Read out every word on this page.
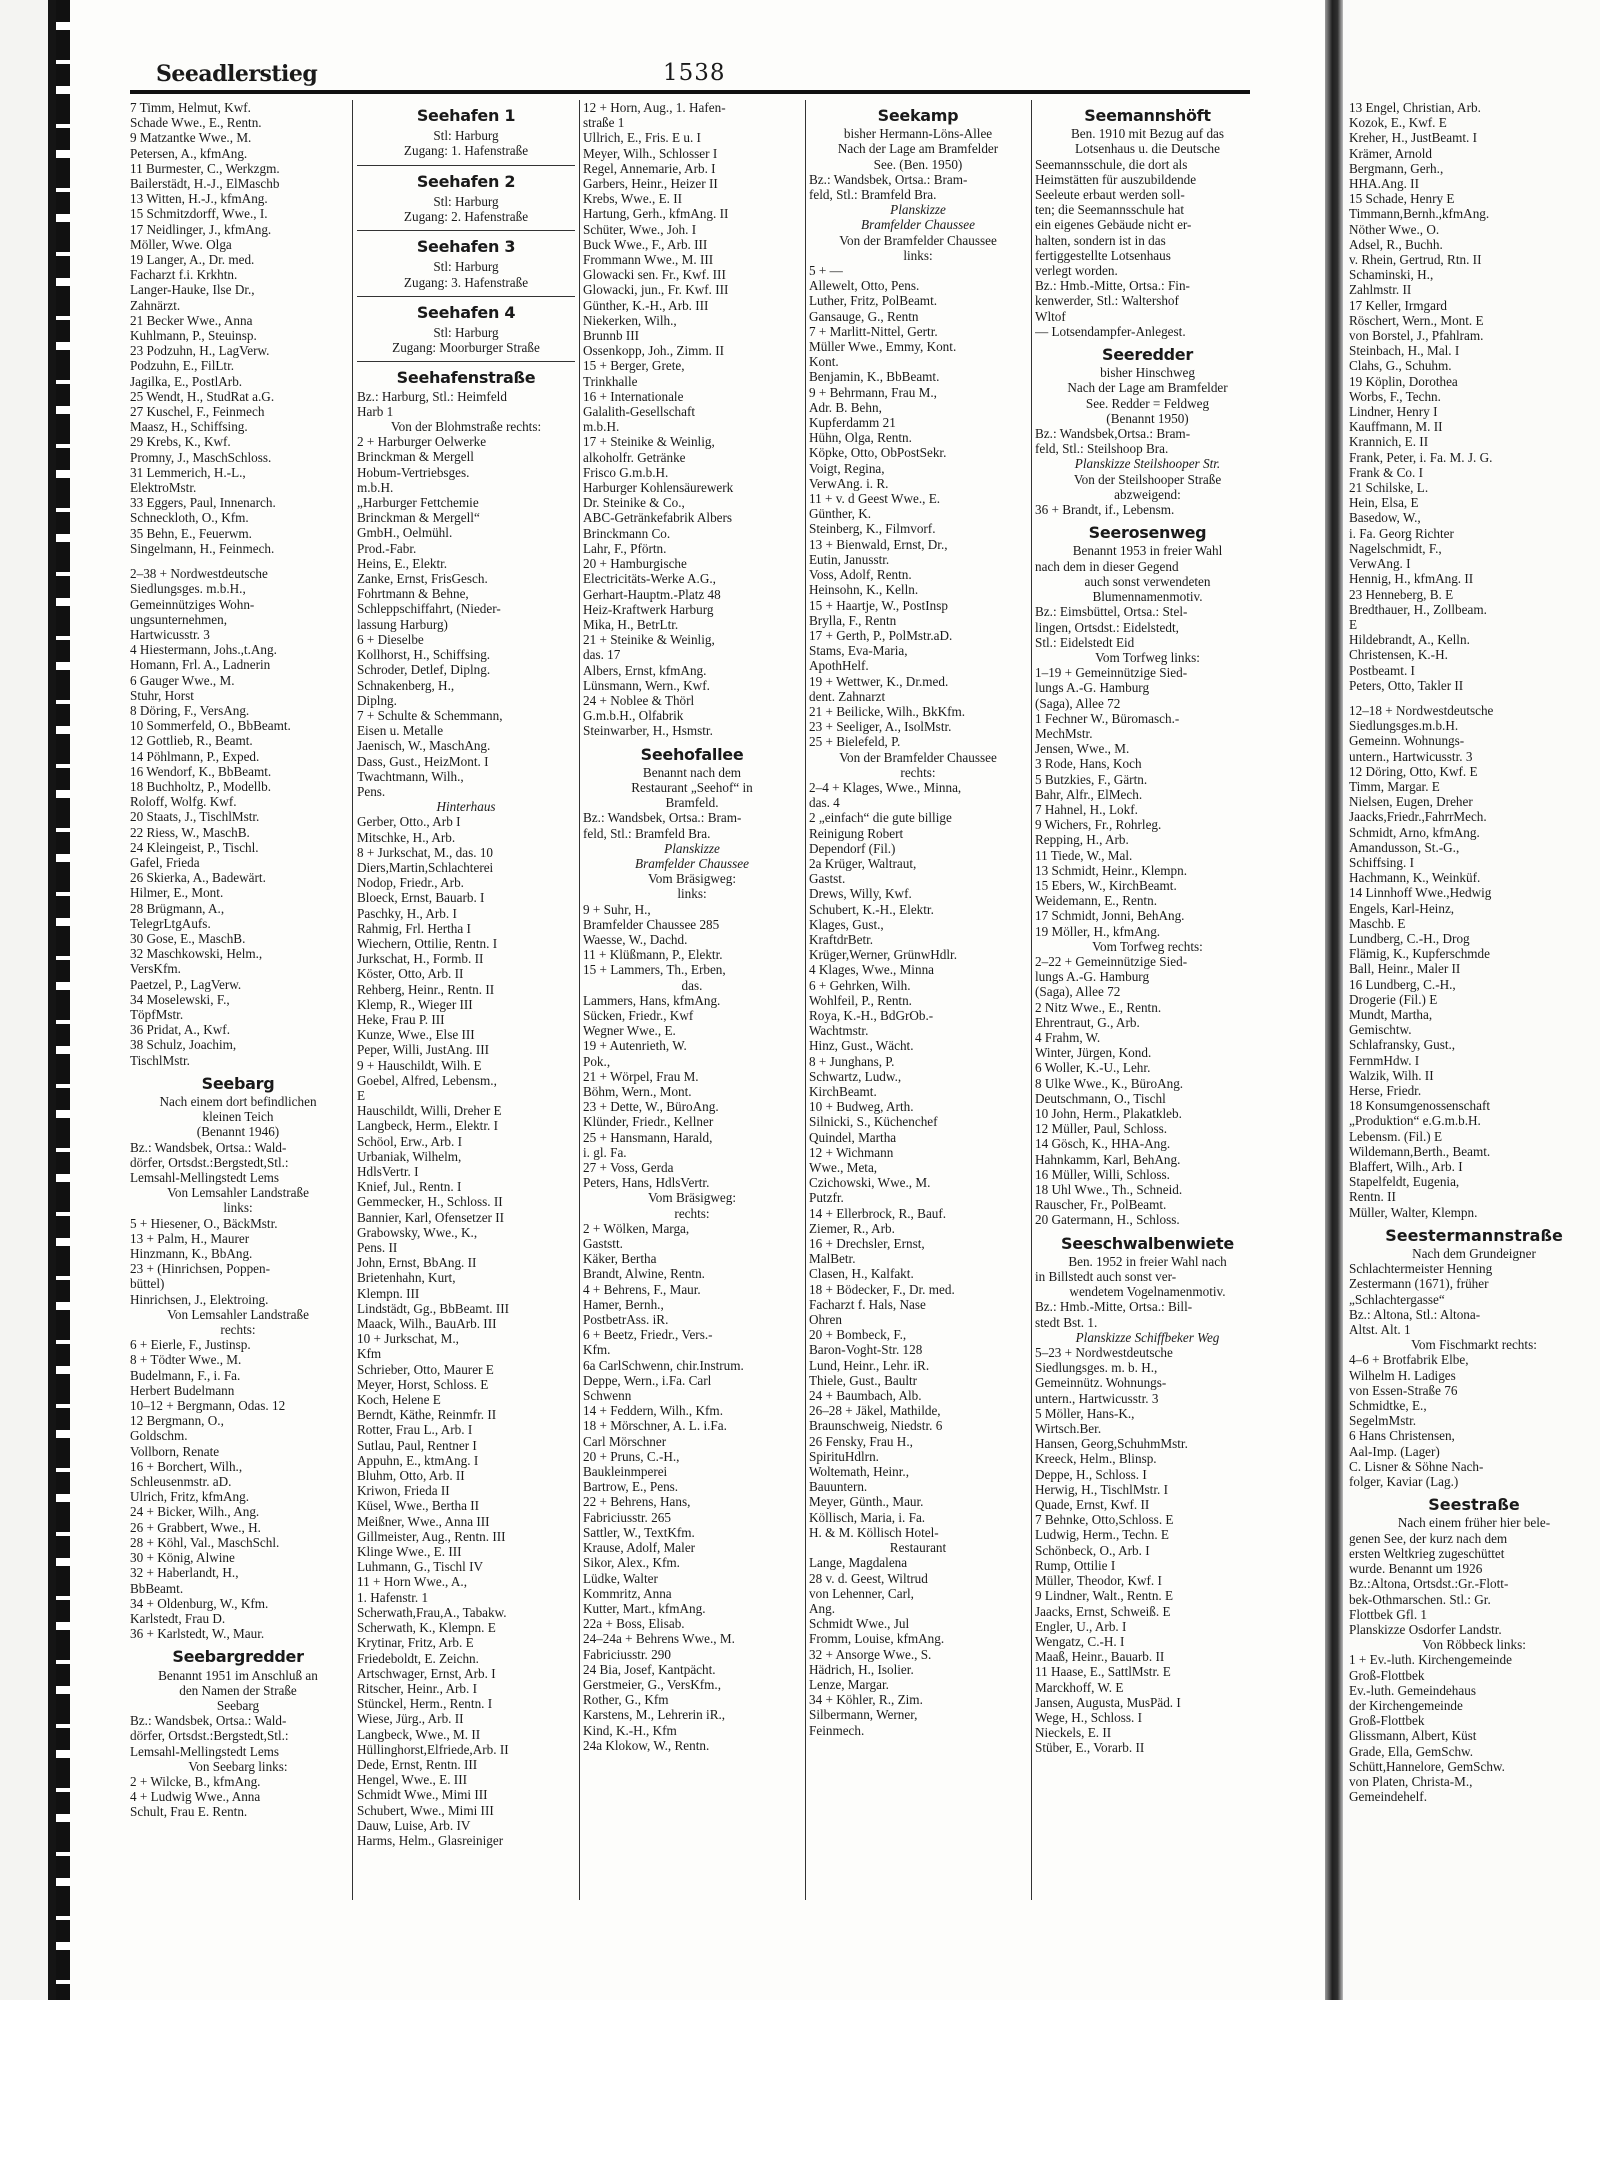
13 Engel, Christian, Arb.

Kozok, E., Kwf. E

Kreher, H., JustBeamt. I

Krämer, Arnold

Bergmann, Gerh.,

HHA.Ang. II

15 Schade, Henry E

Timmann,Bernh.,kfmAng.

Nöther Wwe., O.

Adsel, R., Buchh.

v. Rhein, Gertrud, Rtn. II

Schaminski, H.,

Zahlmstr. II

17 Keller, Irmgard

Röschert, Wern., Mont. E

von Borstel, J., Pfahlram.

Steinbach, H., Mal. I

Clahs, G., Schuhm.

19 Köplin, Dorothea

Worbs, F., Techn.

Lindner, Henry I

Kauffmann, M. II

Krannich, E. II

Frank, Peter, i. Fa. M. J. G.

Frank & Co. I

21 Schilske, L.

Hein, Elsa, E

Basedow, W.,

i. Fa. Georg Richter

Nagelschmidt, F.,

VerwAng. I

Hennig, H., kfmAng. II

23 Henneberg, B. E

Bredthauer, H., Zollbeam.

E

Hildebrandt, A., Kelln.

Christensen, K.-H.

Postbeamt. I

Peters, Otto, Takler II

12–18 + Nordwestdeutsche

Siedlungsges.m.b.H.

Gemeinn. Wohnungs-

untern., Hartwicusstr. 3

12 Döring, Otto, Kwf. E

Timm, Margar. E

Nielsen, Eugen, Dreher

Jaacks,Friedr.,FahrrMech.

Schmidt, Arno, kfmAng.

Amandusson, St.-G.,

Schiffsing. I

Hachmann, K., Weinküf.

14 Linnhoff Wwe.,Hedwig

Engels, Karl-Heinz,

Maschb. E

Lundberg, C.-H., Drog

Flämig, K., Kupferschmde

Ball, Heinr., Maler II

16 Lundberg, C.-H.,

Drogerie (Fil.) E

Mundt, Martha,

Gemischtw.

Schlafransky, Gust.,

FernmHdw. I

Walzik, Wilh. II

Herse, Friedr.

18 Konsumgenossenschaft

„Produktion“ e.G.m.b.H.

Lebensm. (Fil.) E

Wildemann,Berth., Beamt.

Blaffert, Wilh., Arb. I

Stapelfeldt, Eugenia,

Rentn. II

Müller, Walter, Klempn.

Seestermannstraße

Nach dem Grundeigner

Schlachtermeister Henning

Zestermann (1671), früher

„Schlachtergasse“

Bz.: Altona, Stl.: Altona-

Altst. Alt. 1

Vom Fischmarkt rechts:

4–6 + Brotfabrik Elbe,

Wilhelm H. Ladiges

von Essen-Straße 76

Schmidtke, E.,

SegelmMstr.

6 Hans Christensen,

Aal-Imp. (Lager)

C. Lisner & Söhne Nach-

folger, Kaviar (Lag.)

Seestraße

Nach einem früher hier bele-

genen See, der kurz nach dem

ersten Weltkrieg zugeschüttet

wurde. Benannt um 1926

Bz.:Altona, Ortsdst.:Gr.-Flott-

bek-Othmarschen. Stl.: Gr.

Flottbek Gfl. 1

Planskizze Osdorfer Landstr.

Von Röbbeck links:

1 + Ev.-luth. Kirchengemeinde

Groß-Flottbek

Ev.-luth. Gemeindehaus

der Kirchengemeinde

Groß-Flottbek

Glissmann, Albert, Küst

Grade, Ella, GemSchw.

Schütt,Hannelore, GemSchw.

von Platen, Christa-M.,

Gemeindehelf.

Seeadlerstieg	1538

7 Timm, Helmut, Kwf.

Schade Wwe., E., Rentn.

9 Matzantke Wwe., M.

Petersen, A., kfmAng.

11 Burmester, C., Werkzgm.

Bailerstädt, H.-J., ElMaschb

13 Witten, H.-J., kfmAng.

15 Schmitzdorff, Wwe., I.

17 Neidlinger, J., kfmAng.

Möller, Wwe. Olga

19 Langer, A., Dr. med.

Facharzt f.i. Krkhtn.

Langer-Hauke, Ilse Dr.,

Zahnärzt.

21 Becker Wwe., Anna

Kuhlmann, P., Steuinsp.

23 Podzuhn, H., LagVerw.

Podzuhn, E., FilLtr.

Jagilka, E., PostlArb.

25 Wendt, H., StudRat a.G.

27 Kuschel, F., Feinmech

Maasz, H., Schiffsing.

29 Krebs, K., Kwf.

Promny, J., MaschSchloss.

31 Lemmerich, H.-L.,

ElektroMstr.

33 Eggers, Paul, Innenarch.

Schneckloth, O., Kfm.

35 Behn, E., Feuerwm.

Singelmann, H., Feinmech.

2–38 + Nordwestdeutsche

Siedlungsges. m.b.H.,

Gemeinnütziges Wohn-

ungsunternehmen,

Hartwicusstr. 3

4 Hiestermann, Johs.,t.Ang.

Homann, Frl. A., Ladnerin

6 Gauger Wwe., M.

Stuhr, Horst

8 Döring, F., VersAng.

10 Sommerfeld, O., BbBeamt.

12 Gottlieb, R., Beamt.

14 Pöhlmann, P., Exped.

16 Wendorf, K., BbBeamt.

18 Buchholtz, P., Modellb.

Roloff, Wolfg. Kwf.

20 Staats, J., TischlMstr.

22 Riess, W., MaschB.

24 Kleingeist, P., Tischl.

Gafel, Frieda

26 Skierka, A., Badewärt.

Hilmer, E., Mont.

28 Brügmann, A.,

TelegrLtgAufs.

30 Gose, E., MaschB.

32 Maschkowski, Helm.,

VersKfm.

Paetzel, P., LagVerw.

34 Moselewski, F.,

TöpfMstr.

36 Pridat, A., Kwf.

38 Schulz, Joachim,

TischlMstr.

Seebarg

Nach einem dort befindlichen

kleinen Teich

(Benannt 1946)

Bz.: Wandsbek, Ortsa.: Wald-

dörfer, Ortsdst.:Bergstedt,Stl.:

Lemsahl-Mellingstedt Lems

Von Lemsahler Landstraße

links:

5 + Hiesener, O., BäckMstr.

13 + Palm, H., Maurer

Hinzmann, K., BbAng.

23 + (Hinrichsen, Poppen-

büttel)

Hinrichsen, J., Elektroing.

Von Lemsahler Landstraße

rechts:

6 + Eierle, F., Justinsp.

8 + Tödter Wwe., M.

Budelmann, F., i. Fa.

Herbert Budelmann

10–12 + Bergmann, Odas. 12

12 Bergmann, O.,

Goldschm.

Vollborn, Renate

16 + Borchert, Wilh.,

Schleusenmstr. aD.

Ulrich, Fritz, kfmAng.

24 + Bicker, Wilh., Ang.

26 + Grabbert, Wwe., H.

28 + Köhl, Val., MaschSchl.

30 + König, Alwine

32 + Haberlandt, H.,

BbBeamt.

34 + Oldenburg, W., Kfm.

Karlstedt, Frau D.

36 + Karlstedt, W., Maur.

Seebargredder

Benannt 1951 im Anschluß an

den Namen der Straße

Seebarg

Bz.: Wandsbek, Ortsa.: Wald-

dörfer, Ortsdst.:Bergstedt,Stl.:

Lemsahl-Mellingstedt Lems

Von Seebarg links:

2 + Wilcke, B., kfmAng.

4 + Ludwig Wwe., Anna

Schult, Frau E. Rentn.

Seehafen 1

Stl: Harburg

Zugang: 1. Hafenstraße

Seehafen 2

Stl: Harburg

Zugang: 2. Hafenstraße

Seehafen 3

Stl: Harburg

Zugang: 3. Hafenstraße

Seehafen 4

Stl: Harburg

Zugang: Moorburger Straße

Seehafenstraße

Bz.: Harburg, Stl.: Heimfeld

Harb 1

Von der Blohmstraße rechts:

2 + Harburger Oelwerke

Brinckman & Mergell

Hobum-Vertriebsges.

m.b.H.

„Harburger Fettchemie

Brinckman & Mergell“

GmbH., Oelmühl.

Prod.-Fabr.

Heins, E., Elektr.

Zanke, Ernst, FrisGesch.

Fohrtmann & Behne,

Schleppschiffahrt, (Nieder-

lassung Harburg)

6 + Dieselbe

Kollhorst, H., Schiffsing.

Schroder, Detlef, Diplng.

Schnakenberg, H.,

Diplng.

7 + Schulte & Schemmann,

Eisen u. Metalle

Jaenisch, W., MaschAng.

Dass, Gust., HeizMont. I

Twachtmann, Wilh.,

Pens.

Hinterhaus

Gerber, Otto., Arb I

Mitschke, H., Arb.

8 + Jurkschat, M., das. 10

Diers,Martin,Schlachterei

Nodop, Friedr., Arb.

Bloeck, Ernst, Bauarb. I

Paschky, H., Arb. I

Rahmig, Frl. Hertha I

Wiechern, Ottilie, Rentn. I

Jurkschat, H., Formb. II

Köster, Otto, Arb. II

Rehberg, Heinr., Rentn. II

Klemp, R., Wieger III

Heke, Frau P. III

Kunze, Wwe., Else III

Peper, Willi, JustAng. III

9 + Hauschildt, Wilh. E

Goebel, Alfred, Lebensm.,

E

Hauschildt, Willi, Dreher E

Langbeck, Herm., Elektr. I

Schöol, Erw., Arb. I

Urbaniak, Wilhelm,

HdlsVertr. I

Knief, Jul., Rentn. I

Gemmecker, H., Schloss. II

Bannier, Karl, Ofensetzer II

Grabowsky, Wwe., K.,

Pens. II

John, Ernst, BbAng. II

Brietenhahn, Kurt,

Klempn. III

Lindstädt, Gg., BbBeamt. III

Maack, Wilh., BauArb. III

10 + Jurkschat, M.,

Kfm

Schrieber, Otto, Maurer E

Meyer, Horst, Schloss. E

Koch, Helene E

Berndt, Käthe, Reinmfr. II

Rotter, Frau L., Arb. I

Sutlau, Paul, Rentner I

Appuhn, E., ktmAng. I

Bluhm, Otto, Arb. II

Kriwon, Frieda II

Küsel, Wwe., Bertha II

Meißner, Wwe., Anna III

Gillmeister, Aug., Rentn. III

Klinge Wwe., E. III

Luhmann, G., Tischl IV

11 + Horn Wwe., A.,

1. Hafenstr. 1

Scherwath,Frau,A., Tabakw.

Scherwath, K., Klempn. E

Krytinar, Fritz, Arb. E

Friedeboldt, E. Zeichn.

Artschwager, Ernst, Arb. I

Ritscher, Heinr., Arb. I

Stünckel, Herm., Rentn. I

Wiese, Jürg., Arb. II

Langbeck, Wwe., M. II

Hüllinghorst,Elfriede,Arb. II

Dede, Ernst, Rentn. III

Hengel, Wwe., E. III

Schmidt Wwe., Mimi III

Schubert, Wwe., Mimi III

Dauw, Luise, Arb. IV

Harms, Helm., Glasreiniger

12 + Horn, Aug., 1. Hafen-

straße 1

Ullrich, E., Fris. E u. I

Meyer, Wilh., Schlosser I

Regel, Annemarie, Arb. I

Garbers, Heinr., Heizer II

Krebs, Wwe., E. II

Hartung, Gerh., kfmAng. II

Schüter, Wwe., Joh. I

Buck Wwe., F., Arb. III

Frommann Wwe., M. III

Glowacki sen. Fr., Kwf. III

Glowacki, jun., Fr. Kwf. III

Günther, K.-H., Arb. III

Niekerken, Wilh.,

Brunnb III

Ossenkopp, Joh., Zimm. II

15 + Berger, Grete,

Trinkhalle

16 + Internationale

Galalith-Gesellschaft

m.b.H.

17 + Steinike & Weinlig,

alkoholfr. Getränke

Frisco G.m.b.H.

Harburger Kohlensäurewerk

Dr. Steinike & Co.,

ABC-Getränkefabrik Albers

Brinckmann Co.

Lahr, F., Pförtn.

20 + Hamburgische

Electricitäts-Werke A.G.,

Gerhart-Hauptm.-Platz 48

Heiz-Kraftwerk Harburg

Mika, H., BetrLtr.

21 + Steinike & Weinlig,

das. 17

Albers, Ernst, kfmAng.

Lünsmann, Wern., Kwf.

24 + Noblee & Thörl

G.m.b.H., Olfabrik

Steinwarber, H., Hsmstr.

Seehofallee

Benannt nach dem

Restaurant „Seehof“ in

Bramfeld.

Bz.: Wandsbek, Ortsa.: Bram-

feld, Stl.: Bramfeld Bra.

Planskizze

Bramfelder Chaussee

Vom Bräsigweg:

links:

9 + Suhr, H.,

Bramfelder Chaussee 285

Waesse, W., Dachd.

11 + Klüßmann, P., Elektr.

15 + Lammers, Th., Erben,

das.

Lammers, Hans, kfmAng.

Sücken, Friedr., Kwf

Wegner Wwe., E.

19 + Autenrieth, W.

Pok.,

21 + Wörpel, Frau M.

Böhm, Wern., Mont.

23 + Dette, W., BüroAng.

Klünder, Friedr., Kellner

25 + Hansmann, Harald,

i. gl. Fa.

27 + Voss, Gerda

Peters, Hans, HdlsVertr.

Vom Bräsigweg:

rechts:

2 + Wölken, Marga,

Gaststt.

Käker, Bertha

Brandt, Alwine, Rentn.

4 + Behrens, F., Maur.

Hamer, Bernh.,

PostbetrAss. iR.

6 + Beetz, Friedr., Vers.-

Kfm.

6a CarlSchwenn, chir.Instrum.

Deppe, Wern., i.Fa. Carl

Schwenn

14 + Feddern, Wilh., Kfm.

18 + Mörschner, A. L. i.Fa.

Carl Mörschner

20 + Pruns, C.-H.,

Baukleinmperei

Bartrow, E., Pens.

22 + Behrens, Hans,

Fabriciusstr. 265

Sattler, W., TextKfm.

Krause, Adolf, Maler

Sikor, Alex., Kfm.

Lüdke, Walter

Kommritz, Anna

Kutter, Mart., kfmAng.

22a + Boss, Elisab.

24–24a + Behrens Wwe., M.

Fabriciusstr. 290

24 Bia, Josef, Kantpächt.

Gerstmeier, G., VersKfm.,

Rother, G., Kfm

Karstens, M., Lehrerin iR.,

Kind, K.-H., Kfm

24a Klokow, W., Rentn.

Seekamp

bisher Hermann-Löns-Allee

Nach der Lage am Bramfelder

See. (Ben. 1950)

Bz.: Wandsbek, Ortsa.: Bram-

feld, Stl.: Bramfeld Bra.

Planskizze

Bramfelder Chaussee

Von der Bramfelder Chaussee

links:

5 + —

Allewelt, Otto, Pens.

Luther, Fritz, PolBeamt.

Gansauge, G., Rentn

7 + Marlitt-Nittel, Gertr.

Müller Wwe., Emmy, Kont.

Kont.

Benjamin, K., BbBeamt.

9 + Behrmann, Frau M.,

Adr. B. Behn,

Kupferdamm 21

Hühn, Olga, Rentn.

Köpke, Otto, ObPostSekr.

Voigt, Regina,

VerwAng. i. R.

11 + v. d Geest Wwe., E.

Günther, K.

Steinberg, K., Filmvorf.

13 + Bienwald, Ernst, Dr.,

Eutin, Janusstr.

Voss, Adolf, Rentn.

Heinsohn, K., Kelln.

15 + Haartje, W., PostInsp

Brylla, F., Rentn

17 + Gerth, P., PolMstr.aD.

Stams, Eva-Maria,

ApothHelf.

19 + Wettwer, K., Dr.med.

dent. Zahnarzt

21 + Beilicke, Wilh., BkKfm.

23 + Seeliger, A., IsolMstr.

25 + Bielefeld, P.

Von der Bramfelder Chaussee

rechts:

2–4 + Klages, Wwe., Minna,

das. 4

2 „einfach“ die gute billige

Reinigung Robert

Dependorf (Fil.)

2a Krüger, Waltraut,

Gastst.

Drews, Willy, Kwf.

Schubert, K.-H., Elektr.

Klages, Gust.,

KraftdrBetr.

Krüger,Werner, GrünwHdlr.

4 Klages, Wwe., Minna

6 + Gehrken, Wilh.

Wohlfeil, P., Rentn.

Roya, K.-H., BdGrOb.-

Wachtmstr.

Hinz, Gust., Wächt.

8 + Junghans, P.

Schwartz, Ludw.,

KirchBeamt.

10 + Budweg, Arth.

Silnicki, S., Küchenchef

Quindel, Martha

12 + Wichmann

Wwe., Meta,

Czichowski, Wwe., M.

Putzfr.

14 + Ellerbrock, R., Bauf.

Ziemer, R., Arb.

16 + Drechsler, Ernst,

MalBetr.

Clasen, H., Kalfakt.

18 + Bödecker, F., Dr. med.

Facharzt f. Hals, Nase

Ohren

20 + Bombeck, F.,

Baron-Voght-Str. 128

Lund, Heinr., Lehr. iR.

Thiele, Gust., Baultr

24 + Baumbach, Alb.

26–28 + Jäkel, Mathilde,

Braunschweig, Niedstr. 6

26 Fensky, Frau H.,

SpirituHdlrn.

Woltemath, Heinr.,

Bauuntern.

Meyer, Günth., Maur.

Köllisch, Maria, i. Fa.

H. & M. Köllisch Hotel-

Restaurant

Lange, Magdalena

28 v. d. Geest, Wiltrud

von Lehenner, Carl,

Ang.

Schmidt Wwe., Jul

Fromm, Louise, kfmAng.

32 + Ansorge Wwe., S.

Hädrich, H., Isolier.

Lenze, Margar.

34 + Köhler, R., Zim.

Silbermann, Werner,

Feinmech.

Seemannshöft

Ben. 1910 mit Bezug auf das

Lotsenhaus u. die Deutsche

Seemannsschule, die dort als

Heimstätten für auszubildende

Seeleute erbaut werden soll-

ten; die Seemannsschule hat

ein eigenes Gebäude nicht er-

halten, sondern ist in das

fertiggestellte Lotsenhaus

verlegt worden.

Bz.: Hmb.-Mitte, Ortsa.: Fin-

kenwerder, Stl.: Waltershof

Wltof

— Lotsendampfer-Anlegest.

Seeredder

bisher Hinschweg

Nach der Lage am Bramfelder

See. Redder = Feldweg

(Benannt 1950)

Bz.: Wandsbek,Ortsa.: Bram-

feld, Stl.: Steilshoop Bra.

Planskizze Steilshooper Str.

Von der Steilshooper Straße

abzweigend:

36 + Brandt, if., Lebensm.

Seerosenweg

Benannt 1953 in freier Wahl

nach dem in dieser Gegend

auch sonst verwendeten

Blumennamenmotiv.

Bz.: Eimsbüttel, Ortsa.: Stel-

lingen, Ortsdst.: Eidelstedt,

Stl.: Eidelstedt Eid

Vom Torfweg links:

1–19 + Gemeinnützige Sied-

lungs A.-G. Hamburg

(Saga), Allee 72

1 Fechner W., Büromasch.-

MechMstr.

Jensen, Wwe., M.

3 Rode, Hans, Koch

5 Butzkies, F., Gärtn.

Bahr, Alfr., ElMech.

7 Hahnel, H., Lokf.

9 Wichers, Fr., Rohrleg.

Repping, H., Arb.

11 Tiede, W., Mal.

13 Schmidt, Heinr., Klempn.

15 Ebers, W., KirchBeamt.

Weidemann, E., Rentn.

17 Schmidt, Jonni, BehAng.

19 Möller, H., kfmAng.

Vom Torfweg rechts:

2–22 + Gemeinnützige Sied-

lungs A.-G. Hamburg

(Saga), Allee 72

2 Nitz Wwe., E., Rentn.

Ehrentraut, G., Arb.

4 Frahm, W.

Winter, Jürgen, Kond.

6 Woller, K.-U., Lehr.

8 Ulke Wwe., K., BüroAng.

Deutschmann, O., Tischl

10 John, Herm., Plakatkleb.

12 Müller, Paul, Schloss.

14 Gösch, K., HHA-Ang.

Hahnkamm, Karl, BehAng.

16 Müller, Willi, Schloss.

18 Uhl Wwe., Th., Schneid.

Rauscher, Fr., PolBeamt.

20 Gatermann, H., Schloss.

Seeschwalbenwiete

Ben. 1952 in freier Wahl nach

in Billstedt auch sonst ver-

wendetem Vogelnamenmotiv.

Bz.: Hmb.-Mitte, Ortsa.: Bill-

stedt Bst. 1.

Planskizze Schiffbeker Weg

5–23 + Nordwestdeutsche

Siedlungsges. m. b. H.,

Gemeinnütz. Wohnungs-

untern., Hartwicusstr. 3

5 Möller, Hans-K.,

Wirtsch.Ber.

Hansen, Georg,SchuhmMstr.

Kreeck, Helm., Blinsp.

Deppe, H., Schloss. I

Herwig, H., TischlMstr. I

Quade, Ernst, Kwf. II

7 Behnke, Otto,Schloss. E

Ludwig, Herm., Techn. E

Schönbeck, O., Arb. I

Rump, Ottilie I

Müller, Theodor, Kwf. I

9 Lindner, Walt., Rentn. E

Jaacks, Ernst, Schweiß. E

Engler, U., Arb. I

Wengatz, C.-H. I

Maaß, Heinr., Bauarb. II

11 Haase, E., SattlMstr. E

Marckhoff, W. E

Jansen, Augusta, MusPäd. I

Wege, H., Schloss. I

Nieckels, E. II

Stüber, E., Vorarb. II
